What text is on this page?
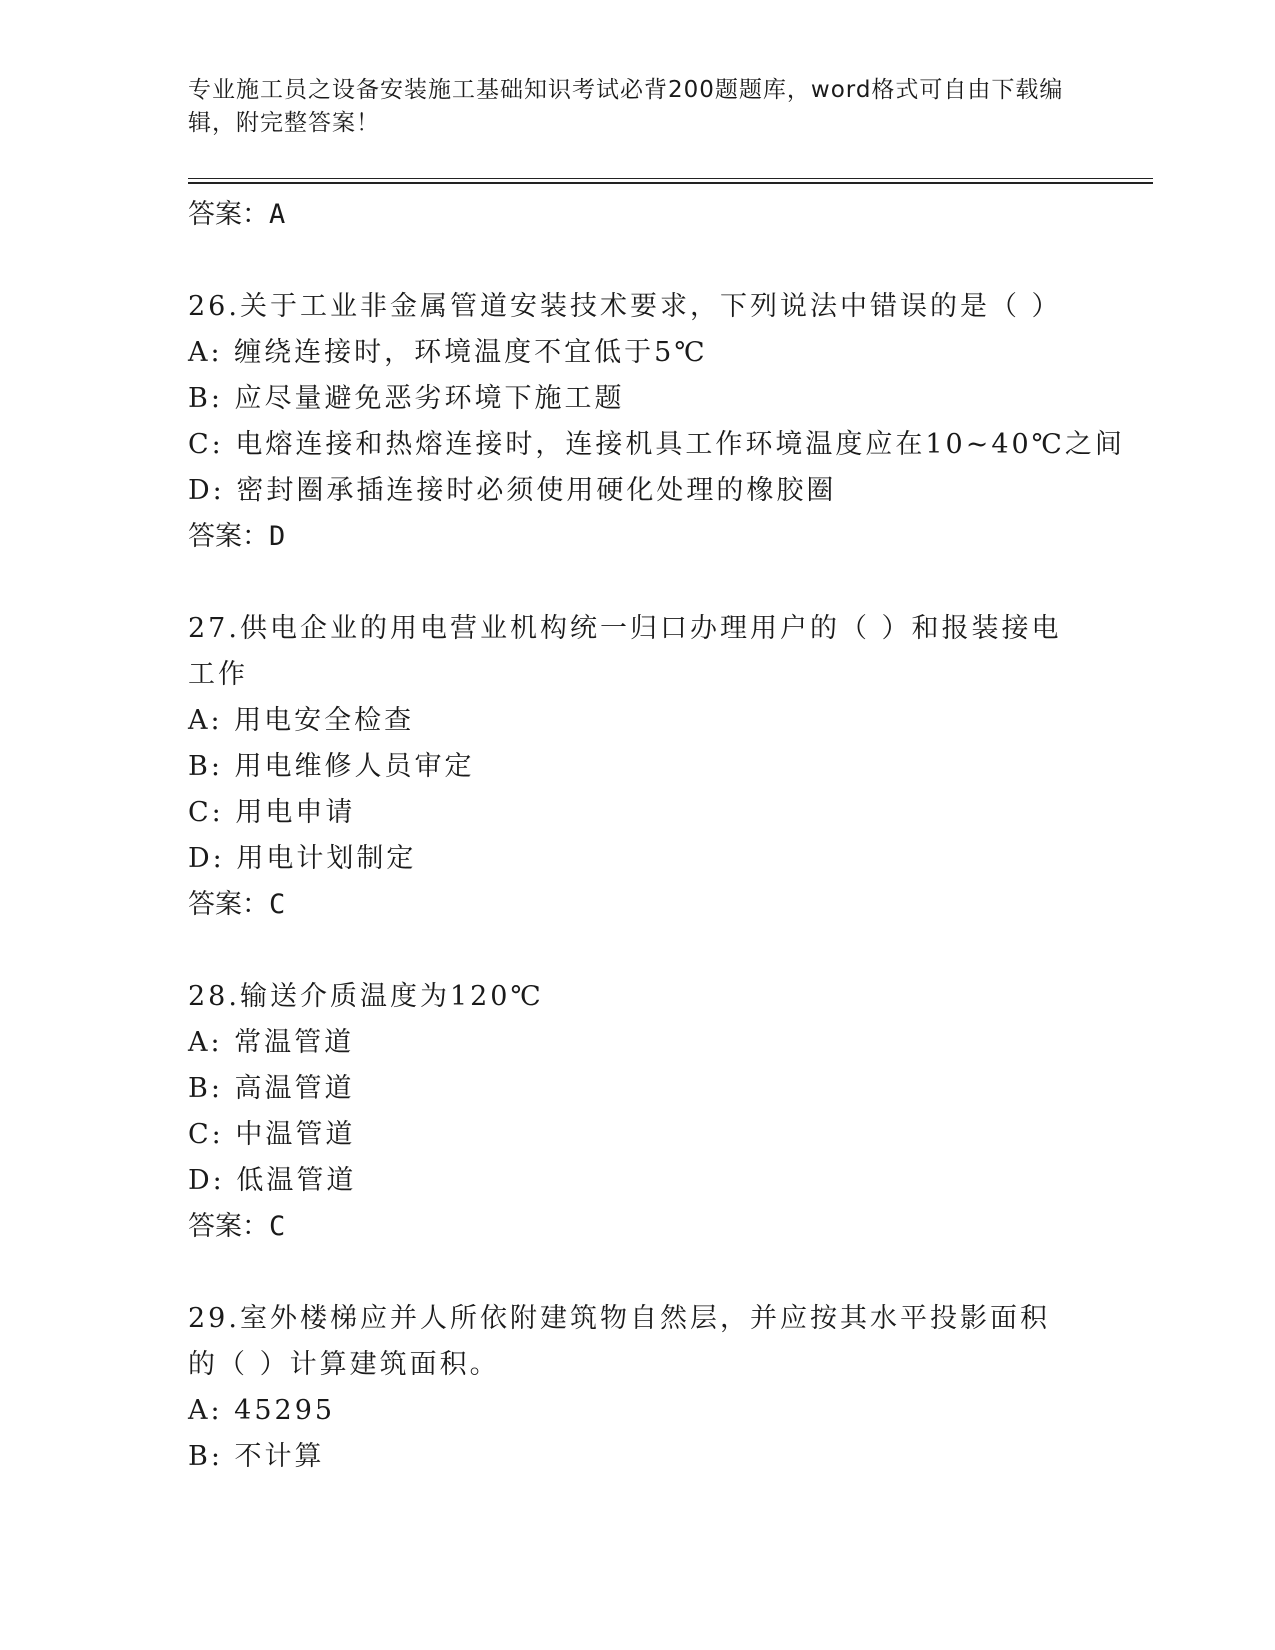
专业施工员之设备安装施工基础知识考试必背200题题库，word格式可自由下载编辑，附完整答案！
答案：A
26.关于工业非金属管道安装技术要求，下列说法中错误的是（ ）
A: 缠绕连接时，环境温度不宜低于5℃
B: 应尽量避免恶劣环境下施工题
C: 电熔连接和热熔连接时，连接机具工作环境温度应在10~40℃之间
D: 密封圈承插连接时必须使用硬化处理的橡胶圈
答案：D
27.供电企业的用电营业机构统一归口办理用户的（ ）和报装接电工作
A: 用电安全检查
B: 用电维修人员审定
C: 用电申请
D: 用电计划制定
答案：C
28.输送介质温度为120℃
A: 常温管道
B: 高温管道
C: 中温管道
D: 低温管道
答案：C
29.室外楼梯应并人所依附建筑物自然层，并应按其水平投影面积的（ ）计算建筑面积。
A: 45295
B: 不计算
